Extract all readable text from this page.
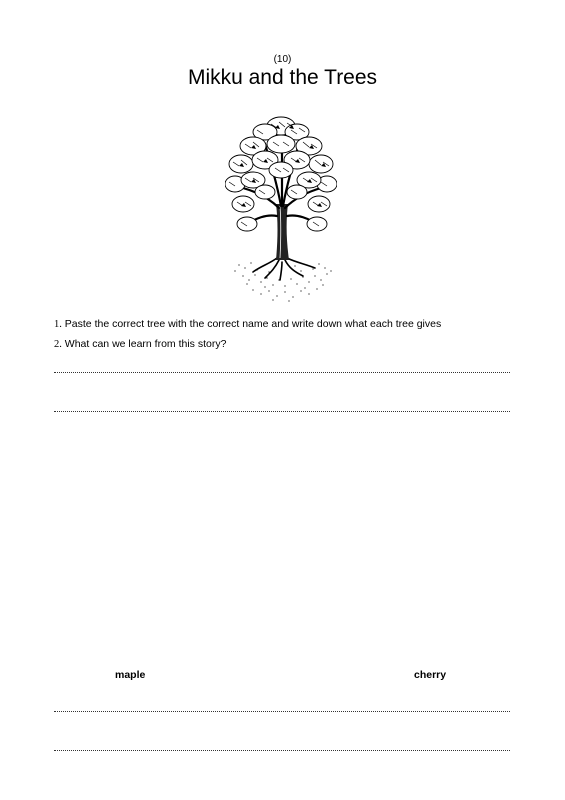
(10)
Mikku and the Trees
1. Paste the correct tree with the correct name and write down what each tree gives
2. What can we learn from this story?
maple	cherry
